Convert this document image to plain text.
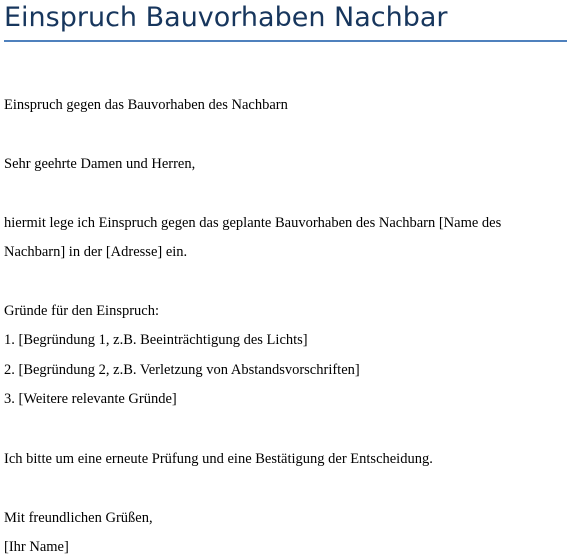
Einspruch Bauvorhaben Nachbar

Einspruch gegen das Bauvorhaben des Nachbarn

Sehr geehrte Damen und Herren,

hiermit lege ich Einspruch gegen das geplante Bauvorhaben des Nachbarn [Name des

Nachbarn] in der [Adresse] ein.

Gründe für den Einspruch:

1. [Begründung 1, z.B. Beeinträchtigung des Lichts]

2. [Begründung 2, z.B. Verletzung von Abstandsvorschriften]

3. [Weitere relevante Gründe]

Ich bitte um eine erneute Prüfung und eine Bestätigung der Entscheidung.

Mit freundlichen Grüßen,

[Ihr Name]
